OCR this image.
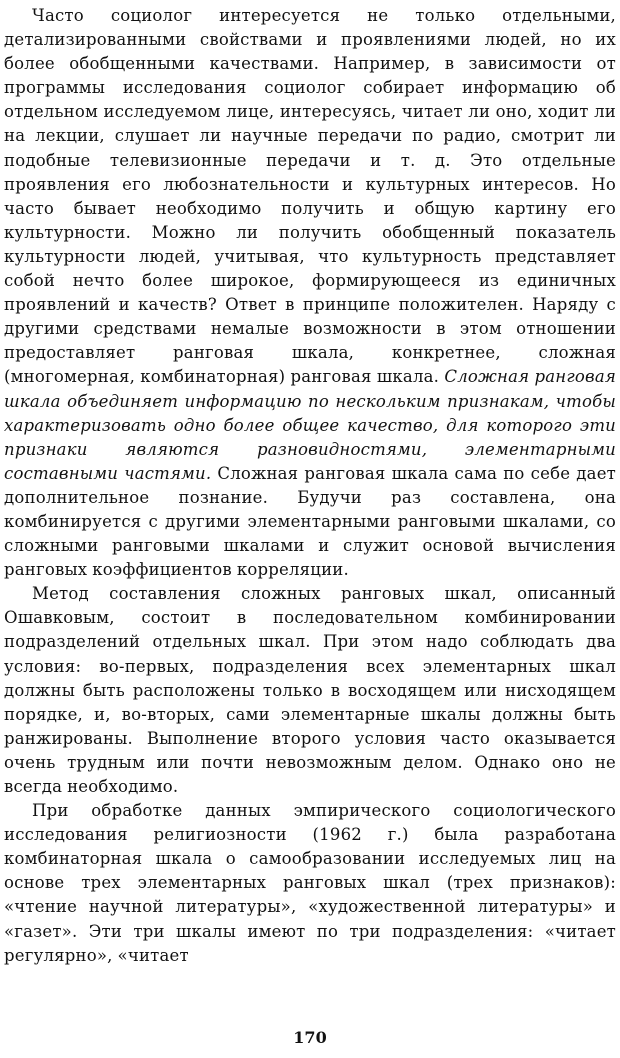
Часто социолог интересуется не только отдельными, детализированными свойствами и проявлениями людей, но их более обобщенными качествами. Например, в зависимости от программы исследования социолог собирает информацию об отдельном исследуемом лице, интересуясь, читает ли оно, ходит ли на лекции, слушает ли научные передачи по радио, смотрит ли подобные телевизионные передачи и т. д. Это отдельные проявления его любознательности и культурных интересов. Но часто бывает необходимо получить и общую картину его культурности. Можно ли получить обобщенный показатель культурности людей, учитывая, что культурность представляет собой нечто более широкое, формирующееся из единичных проявлений и качеств? Ответ в принципе положителен. Наряду с другими средствами немалые возможности в этом отношении предоставляет ранговая шкала, конкретнее, сложная (многомерная, комбинаторная) ранговая шкала. Сложная ранговая шкала объединяет информацию по нескольким признакам, чтобы характеризовать одно более общее качество, для которого эти признаки являются разновидностями, элементарными составными частями. Сложная ранговая шкала сама по себе дает дополнительное познание. Будучи раз составлена, она комбинируется с другими элементарными ранговыми шкалами, со сложными ранговыми шкалами и служит основой вычисления ранговых коэффициентов корреляции.

Метод составления сложных ранговых шкал, описанный Ошавковым, состоит в последовательном комбинировании подразделений отдельных шкал. При этом надо соблюдать два условия: во-первых, подразделения всех элементарных шкал должны быть расположены только в восходящем или нисходящем порядке, и, во-вторых, сами элементарные шкалы должны быть ранжированы. Выполнение второго условия часто оказывается очень трудным или почти невозможным делом. Однако оно не всегда необходимо.

При обработке данных эмпирического социологического исследования религиозности (1962 г.) была разработана комбинаторная шкала о самообразовании исследуемых лиц на основе трех элементарных ранговых шкал (трех признаков): «чтение научной литературы», «художественной литературы» и «газет». Эти три шкалы имеют по три подразделения: «читает регулярно», «читает

170
